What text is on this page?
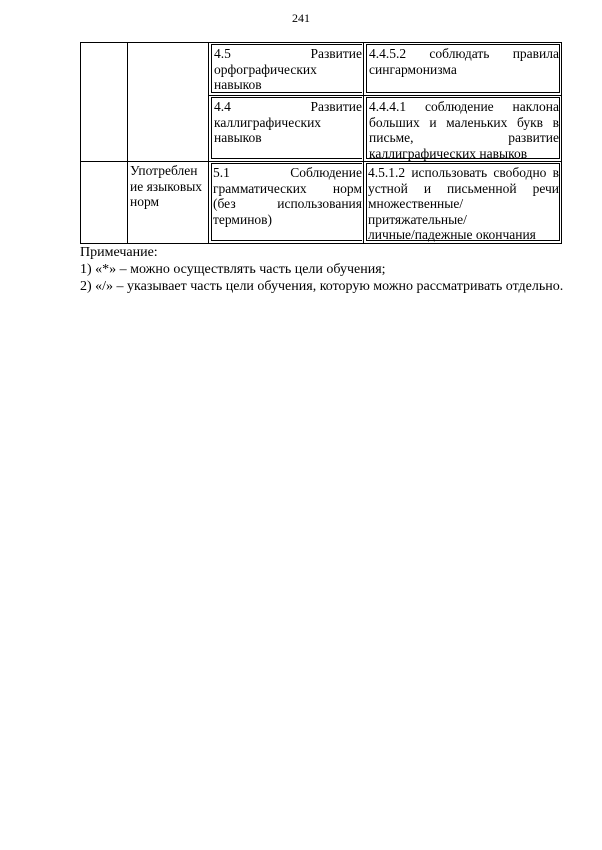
241

		4.5 Развитие
орфографических
навыков	4.4.5.2 соблюдать правила
сингармонизма

		4.4 Развитие
каллиграфических
навыков	4.4.4.1 соблюдение наклона
больших и маленьких букв в
письме, развитие
каллиграфических навыков

	Употреблен
ие языковых
норм	5.1 Соблюдение
грамматических норм
(без использования
терминов)	4.5.1.2 использовать свободно в
устной и письменной речи
множественные/
притяжательные/
личные/падежные окончания
Примечание:
1) «*» – можно осуществлять часть цели обучения;
2) «/» – указывает часть цели обучения, которую можно рассматривать отдельно.
